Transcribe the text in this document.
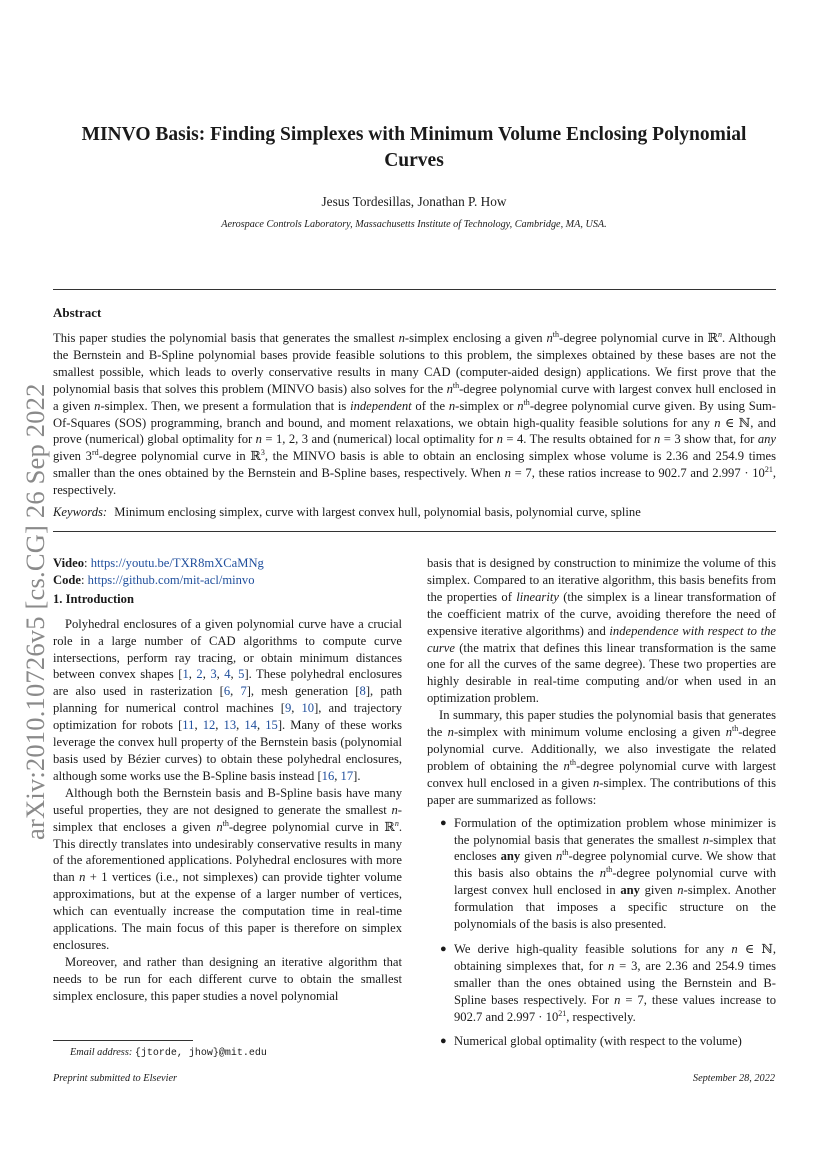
arXiv:2010.10726v5 [cs.CG] 26 Sep 2022
MINVO Basis: Finding Simplexes with Minimum Volume Enclosing Polynomial Curves
Jesus Tordesillas, Jonathan P. How
Aerospace Controls Laboratory, Massachusetts Institute of Technology, Cambridge, MA, USA.
Abstract

This paper studies the polynomial basis that generates the smallest n-simplex enclosing a given $n^{th}$-degree polynomial curve in ℝ$^n$. Although the Bernstein and B-Spline polynomial bases provide feasible solutions to this problem, the simplexes obtained by these bases are not the smallest possible, which leads to overly conservative results in many CAD (computer-aided design) applications. We first prove that the polynomial basis that solves this problem (MINVO basis) also solves for the $n^{th}$-degree polynomial curve with largest convex hull enclosed in a given n-simplex. Then, we present a formulation that is independent of the n-simplex or $n^{th}$-degree polynomial curve given. By using Sum-Of-Squares (SOS) programming, branch and bound, and moment relaxations, we obtain high-quality feasible solutions for any n ∈ ℕ, and prove (numerical) global optimality for n = 1, 2, 3 and (numerical) local optimality for n = 4. The results obtained for n = 3 show that, for any given 3rd-degree polynomial curve in ℝ$^3$, the MINVO basis is able to obtain an enclosing simplex whose volume is 2.36 and 254.9 times smaller than the ones obtained by the Bernstein and B-Spline bases, respectively. When n = 7, these ratios increase to 902.7 and $2.997 \cdot 10^{21}$, respectively.

Keywords: Minimum enclosing simplex, curve with largest convex hull, polynomial basis, polynomial curve, spline

Video: https://youtu.be/TXR8mXCaMNg

Code: https://github.com/mit-acl/minvo

1. Introduction

Polyhedral enclosures of a given polynomial curve have a crucial role in a large number of CAD algorithms to compute curve intersections, perform ray tracing, or obtain minimum distances between convex shapes [1, 2, 3, 4, 5]. These polyhedral enclosures are also used in rasterization [6, 7], mesh generation [8], path planning for numerical control machines [9, 10], and trajectory optimization for robots [11, 12, 13, 14, 15]. Many of these works leverage the convex hull property of the Bernstein basis (polynomial basis used by Bézier curves) to obtain these polyhedral enclosures, although some works use the B-Spline basis instead [16, 17].

Although both the Bernstein basis and B-Spline basis have many useful properties, they are not designed to generate the smallest n-simplex that encloses a given $n^{th}$-degree polynomial curve in ℝ$^n$. This directly translates into undesirably conservative results in many of the aforementioned applications. Polyhedral enclosures with more than n + 1 vertices (i.e., not simplexes) can provide tighter volume approximations, but at the expense of a larger number of vertices, which can eventually increase the computation time in real-time applications. The main focus of this paper is therefore on simplex enclosures.

Moreover, and rather than designing an iterative algorithm that needs to be run for each different curve to obtain the smallest simplex enclosure, this paper studies a novel polynomial

basis that is designed by construction to minimize the volume of this simplex. Compared to an iterative algorithm, this basis benefits from the properties of linearity (the simplex is a linear transformation of the coefficient matrix of the curve, avoiding therefore the need of expensive iterative algorithms) and independence with respect to the curve (the matrix that defines this linear transformation is the same one for all the curves of the same degree). These two properties are highly desirable in real-time computing and/or when used in an optimization problem.

In summary, this paper studies the polynomial basis that generates the n-simplex with minimum volume enclosing a given $n^{th}$-degree polynomial curve. Additionally, we also investigate the related problem of obtaining the $n^{th}$-degree polynomial curve with largest convex hull enclosed in a given n-simplex. The contributions of this paper are summarized as follows:

● Formulation of the optimization problem whose minimizer is the polynomial basis that generates the smallest n-simplex that encloses any given $n^{th}$-degree polynomial curve. We show that this basis also obtains the $n^{th}$-degree polynomial curve with largest convex hull enclosed in any given n-simplex. Another formulation that imposes a specific structure on the polynomials of the basis is also presented.
● We derive high-quality feasible solutions for any n ∈ ℕ, obtaining simplexes that, for n = 3, are 2.36 and 254.9 times smaller than the ones obtained using the Bernstein and B-Spline bases respectively. For n = 7, these values increase to 902.7 and $2.997 \cdot 10^{21}$, respectively.
● Numerical global optimality (with respect to the volume)
Email address: {jtorde, jhow}@mit.edu
Preprint submitted to Elsevier	September 28, 2022
